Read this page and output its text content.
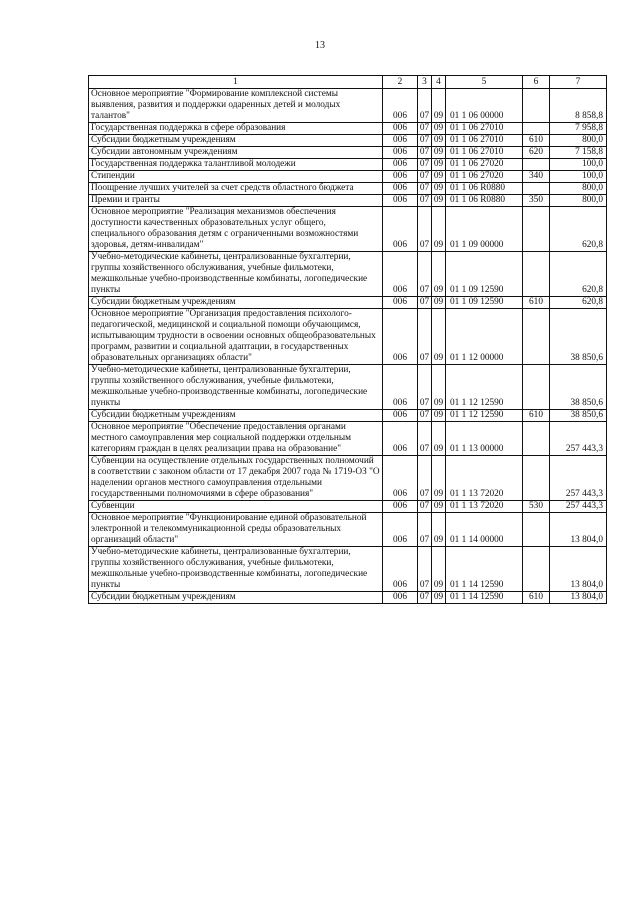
13
1	2	3	4	5	6	7
Основное мероприятие "Формирование комплексной системы выявления, развития и поддержки одаренных детей и молодых талантов"	006	07	09	01 1 06 00000		8 858,8
Государственная поддержка в сфере образования	006	07	09	01 1 06 27010		7 958,8
Субсидии бюджетным учреждениям	006	07	09	01 1 06 27010	610	800,0
Субсидии автономным учреждениям	006	07	09	01 1 06 27010	620	7 158,8
Государственная поддержка талантливой молодежи	006	07	09	01 1 06 27020		100,0
Стипендии	006	07	09	01 1 06 27020	340	100,0
Поощрение лучших учителей за счет средств областного бюджета	006	07	09	01 1 06 R0880		800,0
Премии и гранты	006	07	09	01 1 06 R0880	350	800,0
Основное мероприятие "Реализация механизмов обеспечения доступности качественных образовательных услуг общего, специального образования детям с ограниченными возможностями здоровья, детям-инвалидам"	006	07	09	01 1 09 00000		620,8
Учебно-методические кабинеты, централизованные бухгалтерии, группы хозяйственного обслуживания, учебные фильмотеки, межшкольные учебно-производственные комбинаты, логопедические пункты	006	07	09	01 1 09 12590		620,8
Субсидии бюджетным учреждениям	006	07	09	01 1 09 12590	610	620,8
Основное мероприятие "Организация предоставления психолого-педагогической, медицинской и социальной помощи обучающимся, испытывающим трудности в освоении основных общеобразовательных программ, развитии и социальной адаптации, в государственных образовательных организациях области"	006	07	09	01 1 12 00000		38 850,6
Учебно-методические кабинеты, централизованные бухгалтерии, группы хозяйственного обслуживания, учебные фильмотеки, межшкольные учебно-производственные комбинаты, логопедические пункты	006	07	09	01 1 12 12590		38 850,6
Субсидии бюджетным учреждениям	006	07	09	01 1 12 12590	610	38 850,6
Основное мероприятие "Обеспечение предоставления органами местного самоуправления мер социальной поддержки отдельным категориям граждан в целях реализации права на образование"	006	07	09	01 1 13 00000		257 443,3
Субвенции на осуществление отдельных государственных полномочий в соответствии с законом области от 17 декабря 2007 года № 1719-ОЗ "О наделении органов местного самоуправления отдельными государственными полномочиями в сфере образования"	006	07	09	01 1 13 72020		257 443,3
Субвенции	006	07	09	01 1 13 72020	530	257 443,3
Основное мероприятие "Функционирование единой образовательной электронной и телекоммуникационной среды образовательных организаций области"	006	07	09	01 1 14 00000		13 804,0
Учебно-методические кабинеты, централизованные бухгалтерии, группы хозяйственного обслуживания, учебные фильмотеки, межшкольные учебно-производственные комбинаты, логопедические пункты	006	07	09	01 1 14 12590		13 804,0
Субсидии бюджетным учреждениям	006	07	09	01 1 14 12590	610	13 804,0
